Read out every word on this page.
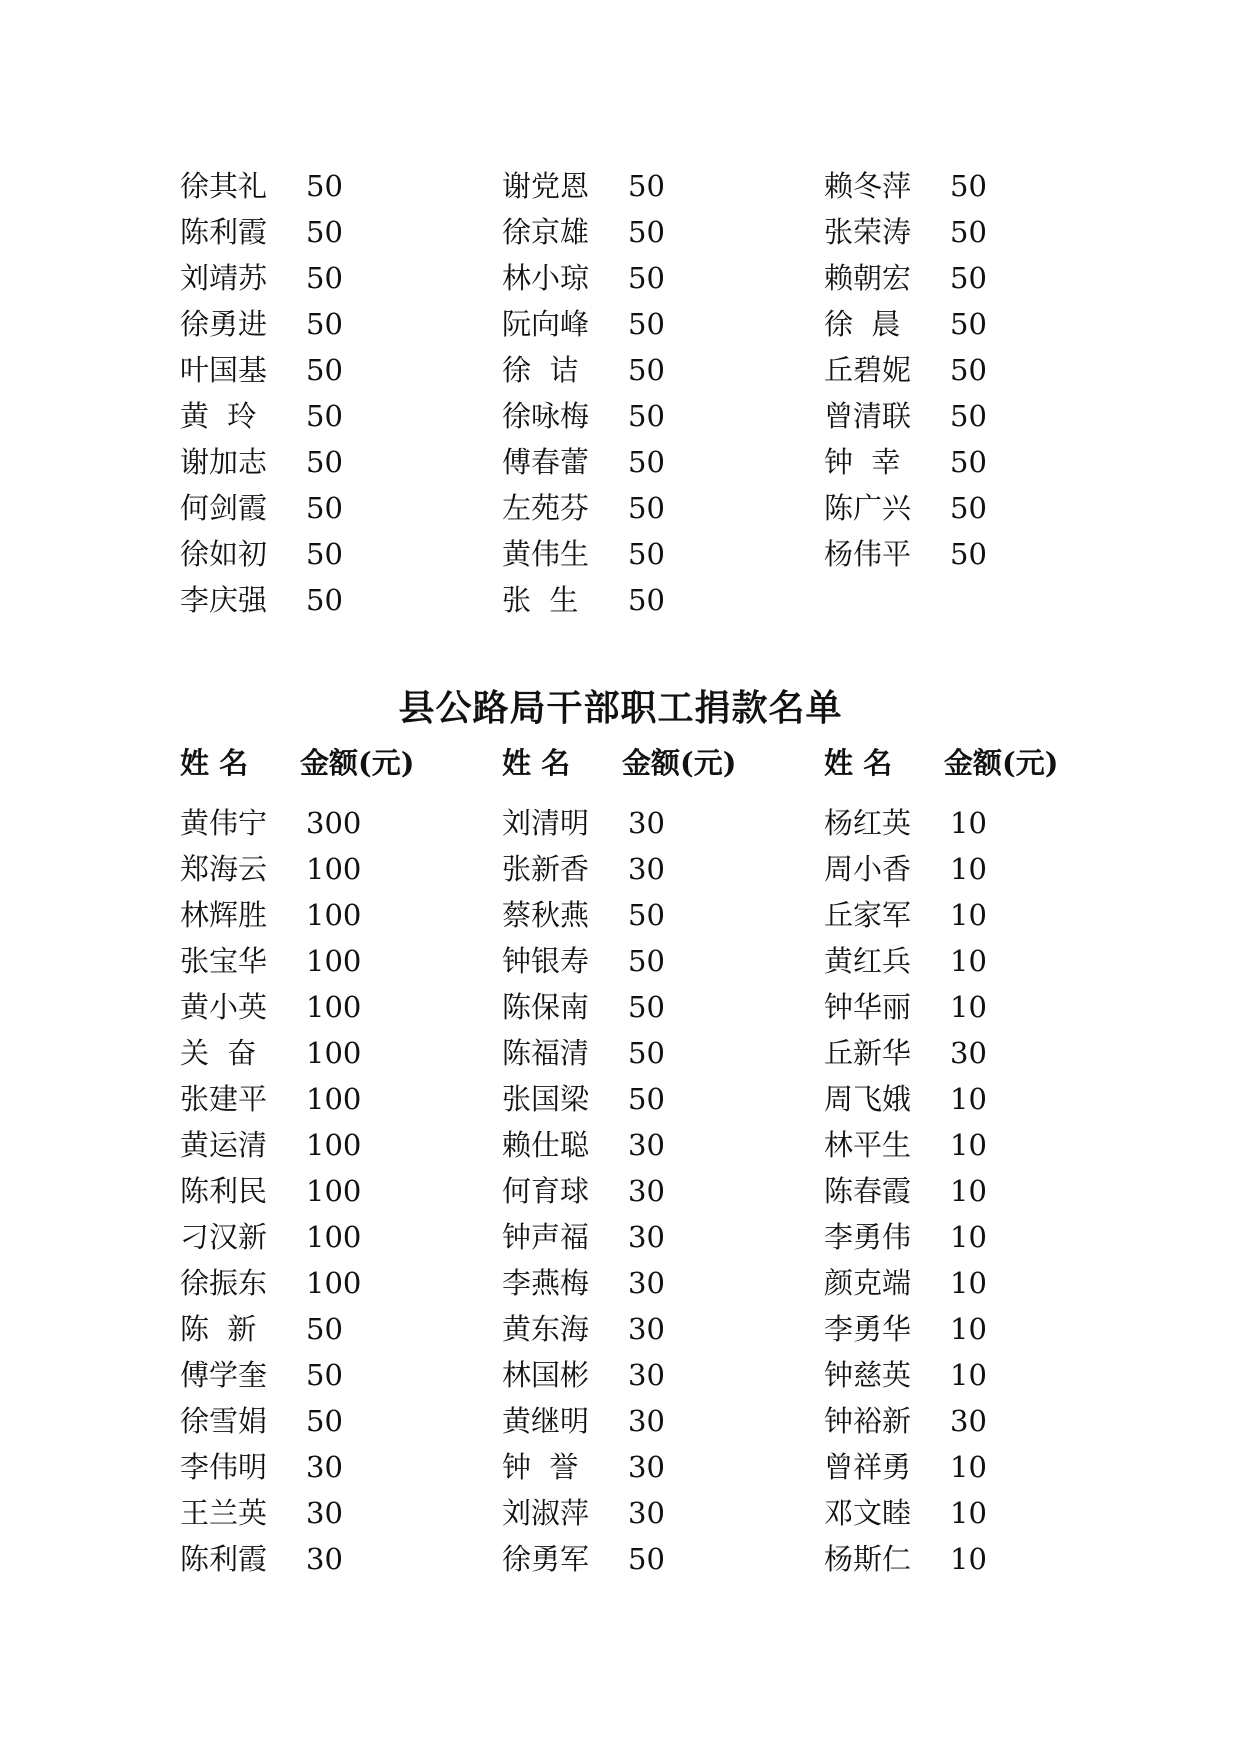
徐其礼 50
陈利霞 50
刘靖苏 50
徐勇进 50
叶国基 50
黄  玲 50
谢加志 50
何剑霞 50
徐如初 50
李庆强 50
谢党恩 50
徐京雄 50
林小琼 50
阮向峰 50
徐  诘 50
徐咏梅 50
傅春蕾 50
左苑芬 50
黄伟生 50
张  生 50
赖冬萍 50
张荣涛 50
赖朝宏 50
徐  晨 50
丘碧妮 50
曾清联 50
钟  幸 50
陈广兴 50
杨伟平 50
县公路局干部职工捐款名单
姓 名 金额(元)	姓 名 金额(元)	姓 名 金额(元)
黄伟宁 300
郑海云 100
林辉胜 100
张宝华 100
黄小英 100
关  奋 100
张建平 100
黄运清 100
陈利民 100
刁汉新 100
徐振东 100
陈  新 50
傅学奎 50
徐雪娟 50
李伟明 30
王兰英 30
陈利霞 30
刘清明 30
张新香 30
蔡秋燕 50
钟银寿 50
陈保南 50
陈福清 50
张国梁 50
赖仕聪 30
何育球 30
钟声福 30
李燕梅 30
黄东海 30
林国彬 30
黄继明 30
钟  誉 30
刘淑萍 30
徐勇军 50
杨红英 10
周小香 10
丘家军 10
黄红兵 10
钟华丽 10
丘新华 30
周飞娥 10
林平生 10
陈春霞 10
李勇伟 10
颜克端 10
李勇华 10
钟慈英 10
钟裕新 30
曾祥勇 10
邓文睦 10
杨斯仁 10
